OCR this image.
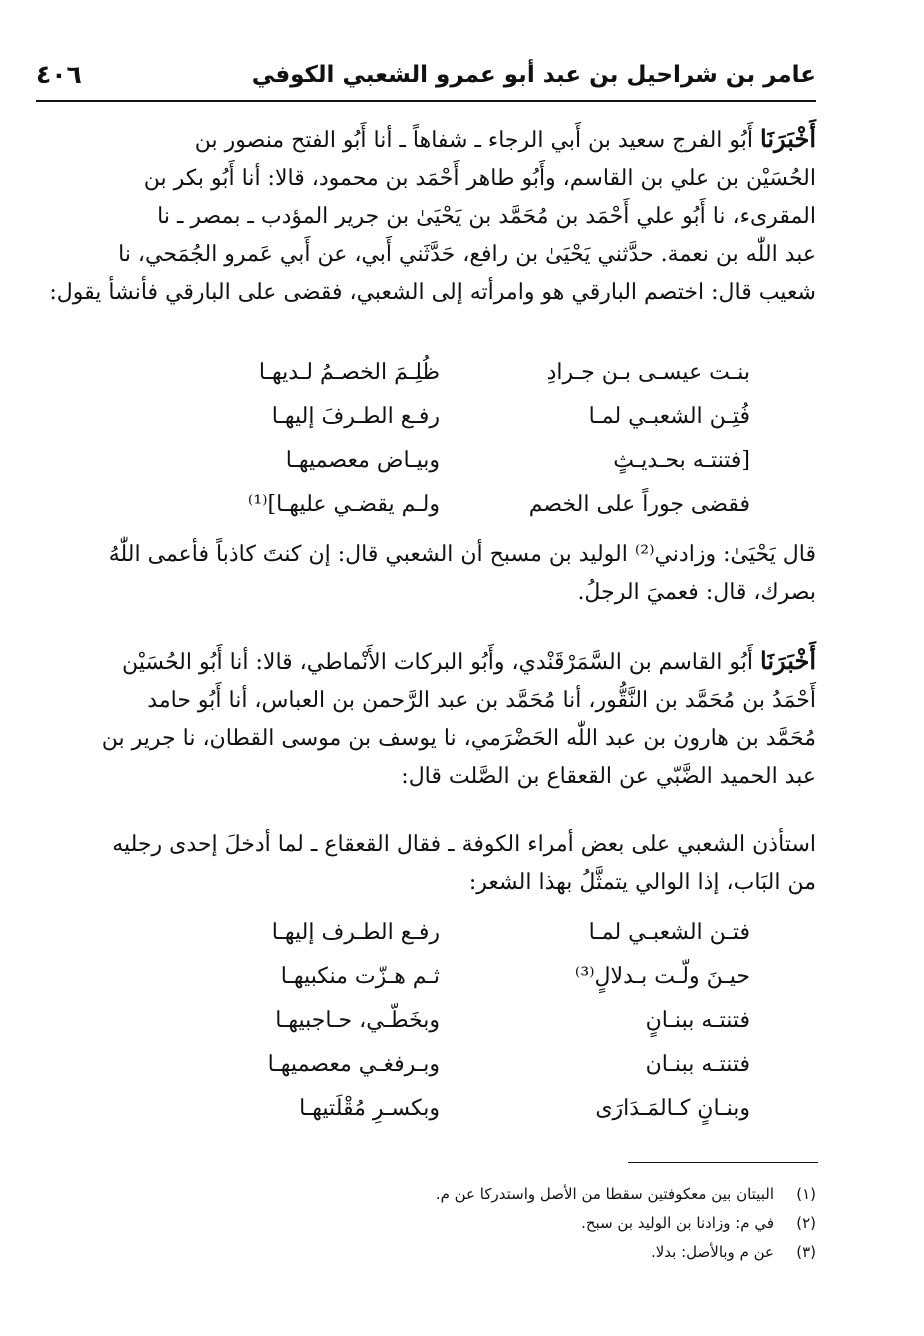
عامر بن شراحيل بن عبد أبو عمرو الشعبي الكوفي
٤٠٦

أَخْبَرَنَا أَبُو الفرج سعيد بن أَبي الرجاء ـ شفاهاً ـ أنا أَبُو الفتح منصور بن

الحُسَيْن بن علي بن القاسم، وأَبُو طاهر أَحْمَد بن محمود، قالا: أنا أَبُو بكر بن

المقرىء، نا أَبُو علي أَحْمَد بن مُحَمَّد بن يَحْيَىٰ بن جرير المؤدب ـ بمصر ـ نا

عبد اللّٰه بن نعمة. حدَّثني يَحْيَىٰ بن رافع، حَدَّثَني أَبي، عن أَبي عَمرو الجُمَحي، نا

شعيب قال: اختصم البارقي هو وامرأته إلى الشعبي، فقضى على البارقي فأنشأ يقول:

بنـت عيسـى بـن جـرادِ
ظُلِـمَ الخصـمُ لـديهـا
فُتِـن الشعبـي لمـا
رفـع الطـرفَ إليهـا
[فتنتـه بحـديـثٍ
وبيـاض معصميهـا
فقضى جوراً على الخصم
ولـم يقضـي عليهـا]⁽¹⁾

قال يَحْيَىٰ: وزادني⁽²⁾ الوليد بن مسبح أن الشعبي قال: إن كنتَ كاذباً فأعمى اللّٰهُ

بصرك، قال: فعميَ الرجلُ.

أَخْبَرَنَا أَبُو القاسم بن السَّمَرْقَنْدي، وأَبُو البركات الأَنْماطي، قالا: أنا أَبُو الحُسَيْن

أَحْمَدُ بن مُحَمَّد بن النَّقُّور، أنا مُحَمَّد بن عبد الرَّحمن بن العباس، أنا أَبُو حامد

مُحَمَّد بن هارون بن عبد اللّٰه الحَضْرَمي، نا يوسف بن موسى القطان، نا جرير بن

عبد الحميد الضَّبّي عن القعقاع بن الصَّلت قال:

استأذن الشعبي على بعض أمراء الكوفة ـ فقال القعقاع ـ لما أدخلَ إحدى رجليه

من البَاب، إذا الوالي يتمثَّلُ بهذا الشعر:

فتـن الشعبـي لمـا
رفـع الطـرف إليهـا
حيـنَ ولّـت بـدلالٍ⁽³⁾
ثـم هـزّت منكبيهـا
فتنتـه ببنـانٍ
وبخَطّـي، حـاجبيهـا
فتنتـه ببنـان
وبـرفغـي معصميهـا
وبنـانٍ كـالمَـدَارَى
وبكسـرِ مُقْلَتيهـا
(١)
البيتان بين معكوفتين سقطا من الأصل واستدركا عن م.
(٢)
في م: وزادنا بن الوليد بن سبح.
(٣)
عن م وبالأصل: بدلا.
